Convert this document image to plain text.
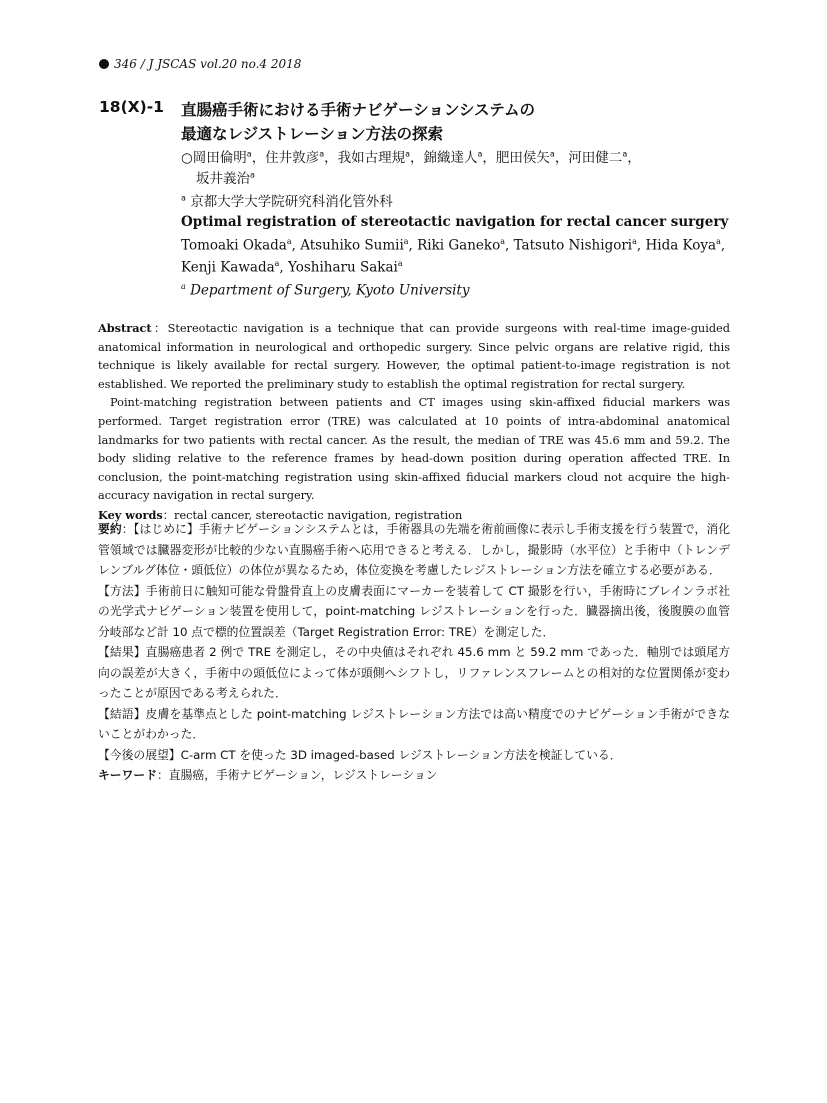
346 / J JSCAS vol.20 no.4 2018
18(X)-1 直腸癌手術における手術ナビゲーションシステムの
最適なレジストレーション方法の探索
○岡田倫明$^a$，住井敦彦$^a$，我如古理規$^a$，錦織達人$^a$，肥田侯矢$^a$，河田健二$^a$，
坂井義治$^a$
$^a$ 京都大学大学院研究科消化管外科
Optimal registration of stereotactic navigation for rectal cancer surgery
Tomoaki Okada$^a$, Atsuhiko Sumii$^a$, Riki Ganeko$^a$, Tatsuto Nishigori$^a$, Hida Koya$^a$,
Kenji Kawada$^a$, Yoshiharu Sakai$^a$
$^a$ Department of Surgery, Kyoto University

Abstract：Stereotactic navigation is a technique that can provide surgeons with real-time image-guided anatomical information in neurological and orthopedic surgery. Since pelvic organs are relative rigid, this technique is likely available for rectal surgery. However, the optimal patient-to-image registration is not established. We reported the preliminary study to establish the optimal registration for rectal surgery.

Point-matching registration between patients and CT images using skin-affixed fiducial markers was performed. Target registration error (TRE) was calculated at 10 points of intra-abdominal anatomical landmarks for two patients with rectal cancer. As the result, the median of TRE was 45.6 mm and 59.2. The body sliding relative to the reference frames by head-down position during operation affected TRE. In conclusion, the point-matching registration using skin-affixed fiducial markers cloud not acquire the high-accuracy navigation in rectal surgery.

Key words：rectal cancer, stereotactic navigation, registration

要約：【はじめに】手術ナビゲーションシステムとは，手術器具の先端を術前画像に表示し手術支援を行う装置で，消化管領域では臓器変形が比較的少ない直腸癌手術へ応用できると考える．しかし，撮影時（水平位）と手術中（トレンデレンブルグ体位・頭低位）の体位が異なるため，体位変換を考慮したレジストレーション方法を確立する必要がある．

【方法】手術前日に触知可能な骨盤骨直上の皮膚表面にマーカーを装着して CT 撮影を行い，手術時にブレインラボ社の光学式ナビゲーション装置を使用して，point-matching レジストレーションを行った．臓器摘出後，後腹膜の血管分岐部など計 10 点で標的位置誤差（Target Registration Error: TRE）を測定した．

【結果】直腸癌患者 2 例で TRE を測定し，その中央値はそれぞれ 45.6 mm と 59.2 mm であった．軸別では頭尾方向の誤差が大きく，手術中の頭低位によって体が頭側へシフトし，リファレンスフレームとの相対的な位置関係が変わったことが原因である考えられた．

【結語】皮膚を基準点とした point-matching レジストレーション方法では高い精度でのナビゲーション手術ができないことがわかった．

【今後の展望】C-arm CT を使った 3D imaged-based レジストレーション方法を検証している．

キーワード：直腸癌，手術ナビゲーション，レジストレーション
